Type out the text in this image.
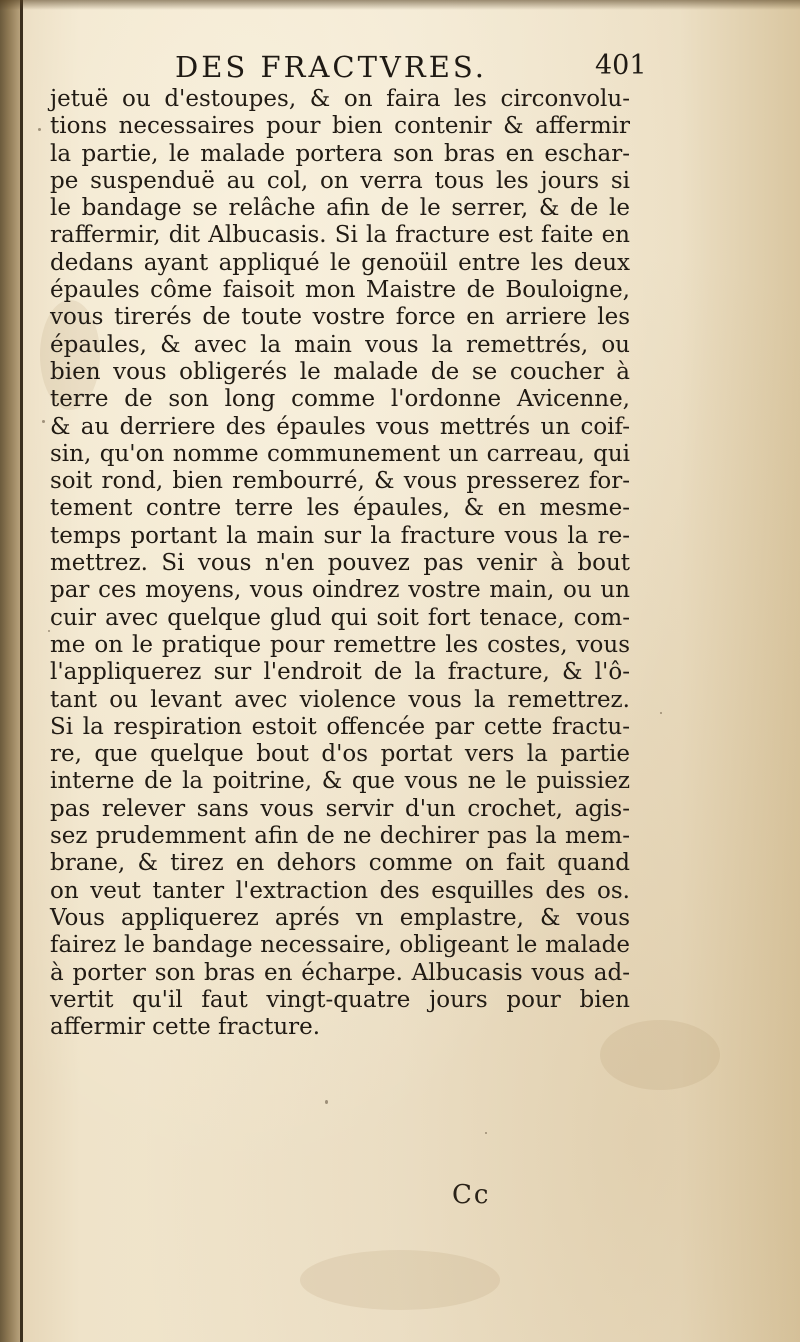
DES FRACTVRES.	401
jetuë ou d'estoupes, & on faira les circonvolu-
tions necessaires pour bien contenir & affermir
la partie, le malade portera son bras en eschar-
pe suspenduë au col, on verra tous les jours si
le bandage se relâche afin de le serrer, & de le
raffermir, dit Albucasis. Si la fracture est faite en
dedans ayant appliqué le genoüil entre les deux
épaules côme faisoit mon Maistre de Bouloigne,
vous tirerés de toute vostre force en arriere les
épaules, & avec la main vous la remettrés, ou
bien vous obligerés le malade de se coucher à
terre de son long comme l'ordonne Avicenne,
& au derriere des épaules vous mettrés un coif-
sin, qu'on nomme communement un carreau, qui
soit rond, bien rembourré, & vous presserez for-
tement contre terre les épaules, & en mesme-
temps portant la main sur la fracture vous la re-
mettrez. Si vous n'en pouvez pas venir à bout
par ces moyens, vous oindrez vostre main, ou un
cuir avec quelque glud qui soit fort tenace, com-
me on le pratique pour remettre les costes, vous
l'appliquerez sur l'endroit de la fracture, & l'ô-
tant ou levant avec violence vous la remettrez.
Si la respiration estoit offencée par cette fractu-
re, que quelque bout d'os portat vers la partie
interne de la poitrine, & que vous ne le puissiez
pas relever sans vous servir d'un crochet, agis-
sez prudemment afin de ne dechirer pas la mem-
brane, & tirez en dehors comme on fait quand
on veut tanter l'extraction des esquilles des os.
Vous appliquerez aprés vn emplastre, & vous
fairez le bandage necessaire, obligeant le malade
à porter son bras en écharpe. Albucasis vous ad-
vertit qu'il faut vingt-quatre jours pour bien
affermir cette fracture.
Cc
